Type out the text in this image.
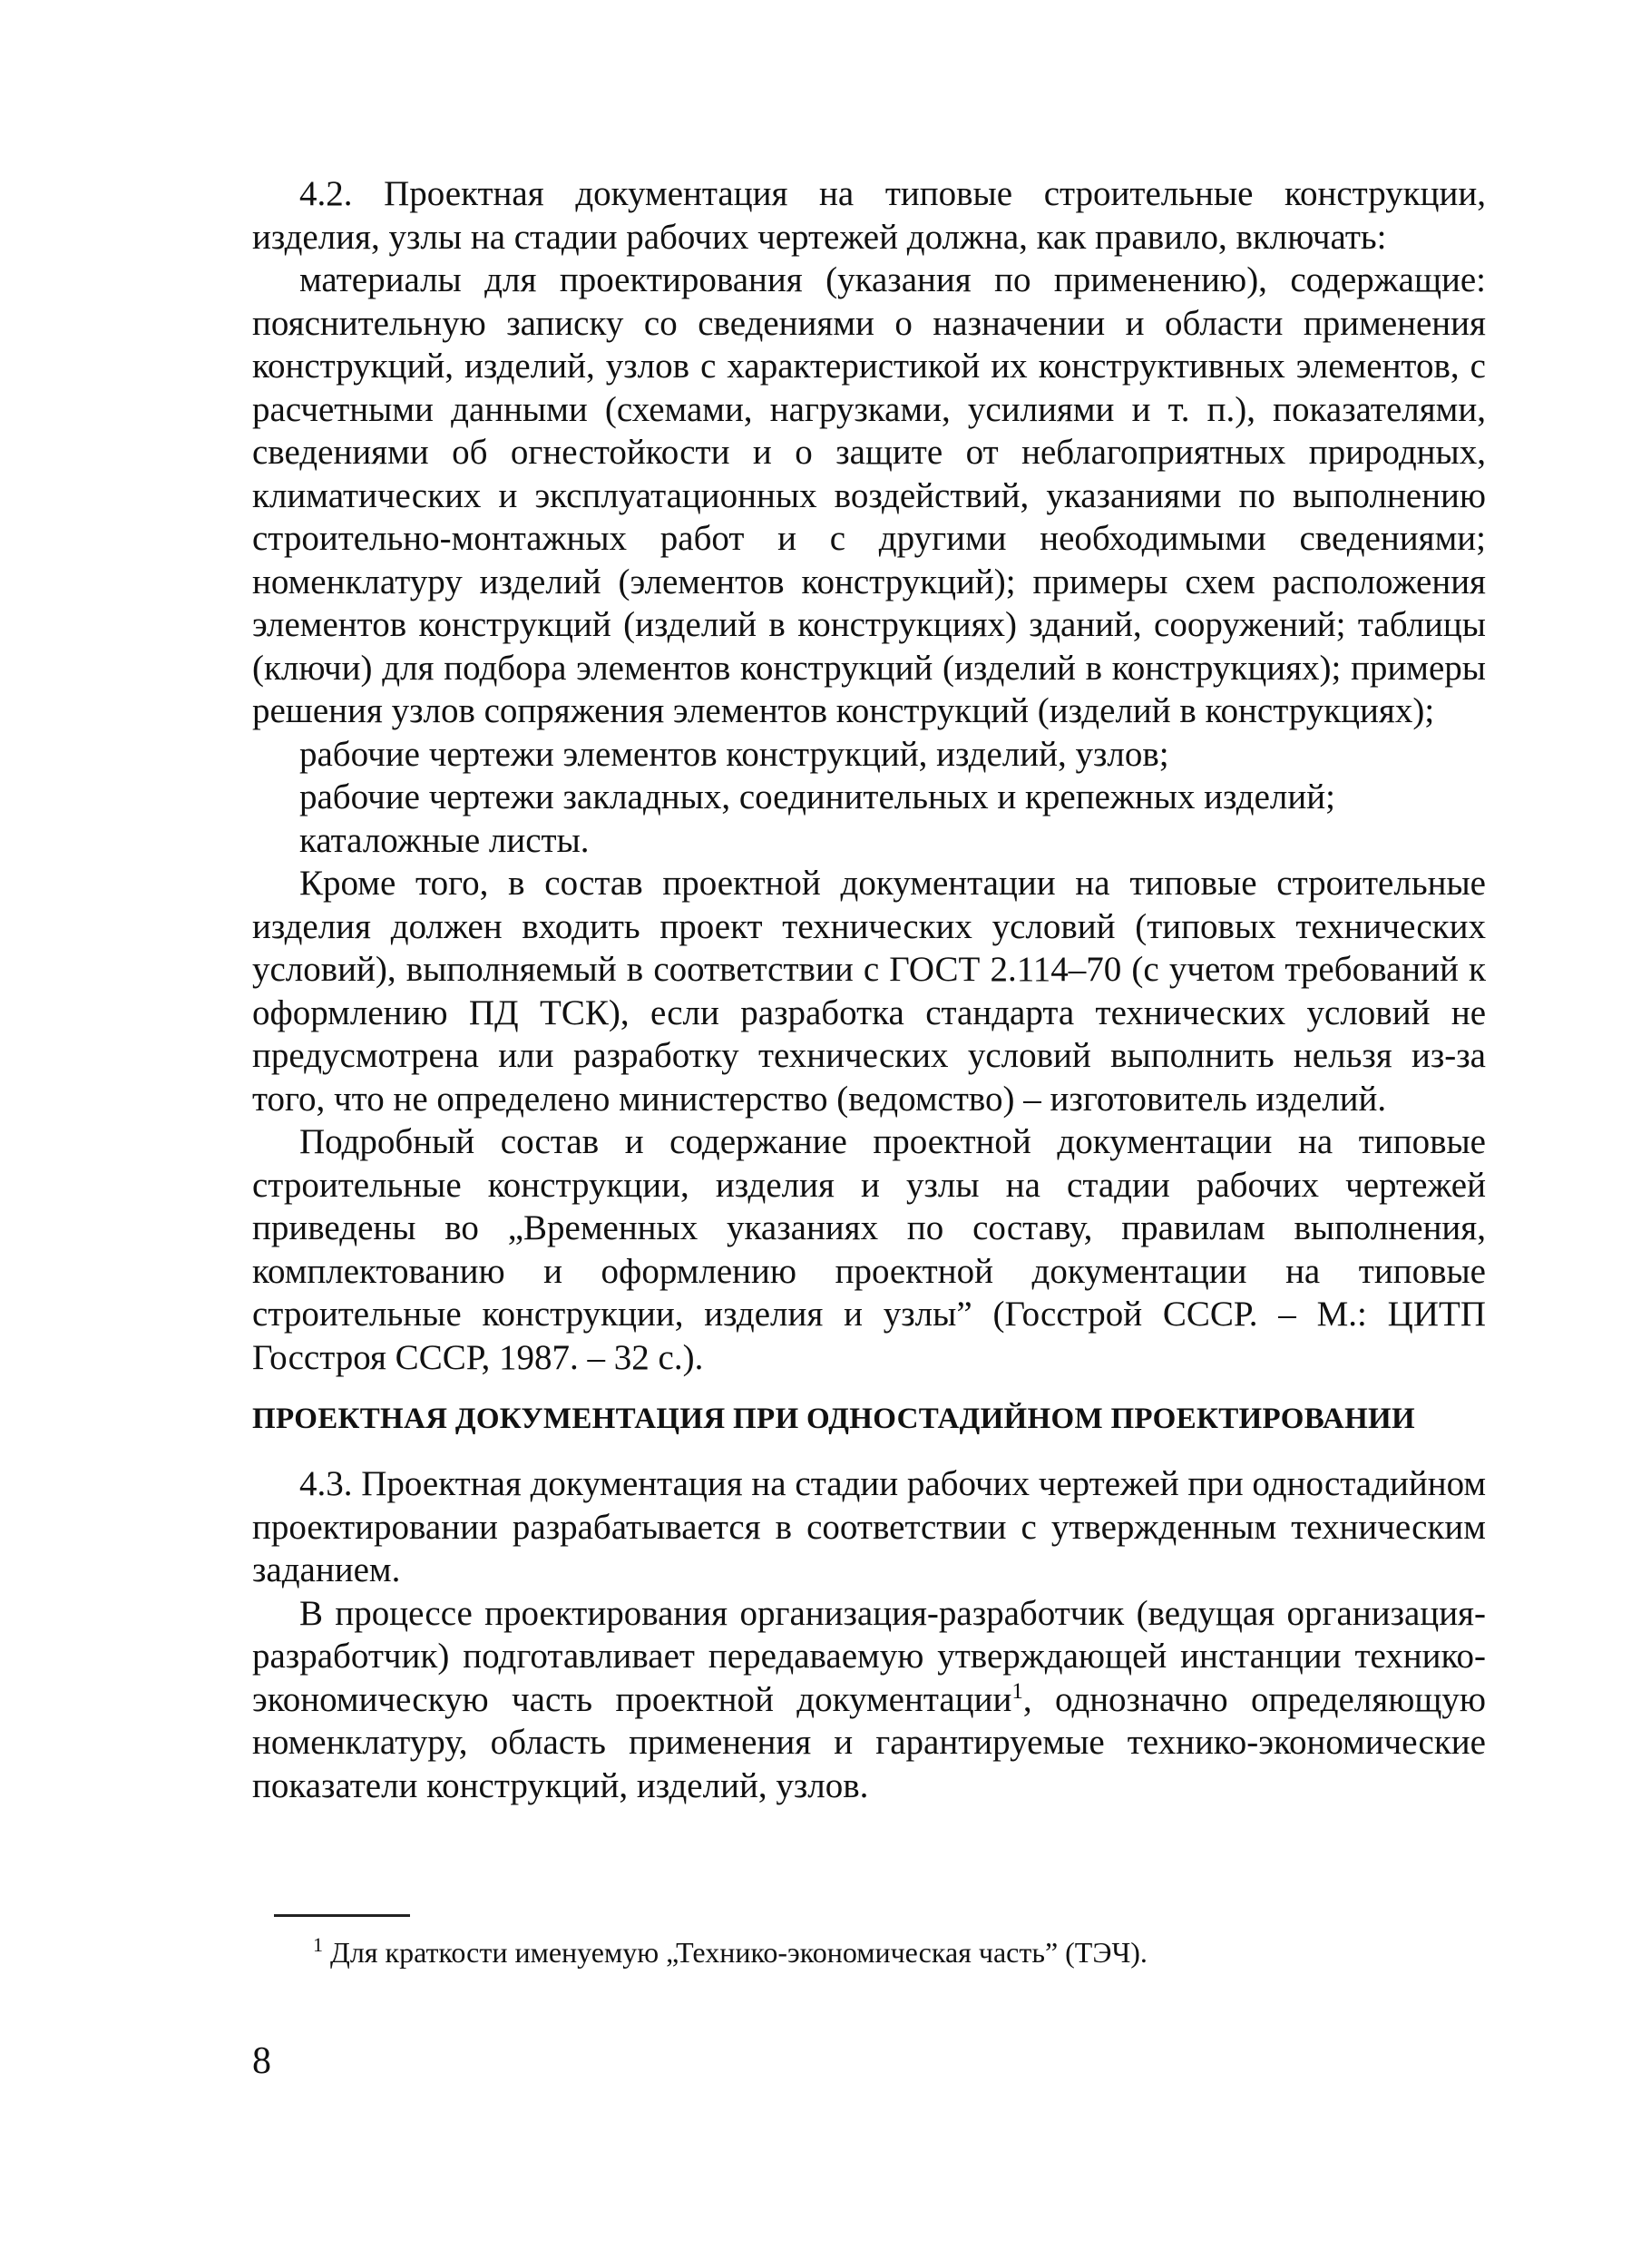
4.2. Проектная документация на типовые строительные конструкции, изделия, узлы на стадии рабочих чертежей должна, как правило, включать:

материалы для проектирования (указания по применению), содержащие: пояснительную записку со сведениями о назначении и области применения конструкций, изделий, узлов с характеристикой их конструктивных элементов, с расчетными данными (схемами, нагрузками, усилиями и т. п.), показателями, сведениями об огнестойкости и о защите от неблагоприятных природных, климатических и эксплуатационных воздействий, указаниями по выполнению строительно-монтажных работ и с другими необходимыми сведениями; номенклатуру изделий (элементов конструкций); примеры схем расположения элементов конструкций (изделий в конструкциях) зданий, сооружений; таблицы (ключи) для подбора элементов конструкций (изделий в конструкциях); примеры решения узлов сопряжения элементов конструкций (изделий в конструкциях);

рабочие чертежи элементов конструкций, изделий, узлов;

рабочие чертежи закладных, соединительных и крепежных изделий;

каталожные листы.

Кроме того, в состав проектной документации на типовые строительные изделия должен входить проект технических условий (типовых технических условий), выполняемый в соответствии с ГОСТ 2.114–70 (с учетом требований к оформлению ПД ТСК), если разработка стандарта технических условий не предусмотрена или разработку технических условий выполнить нельзя из-за того, что не определено министерство (ведомство) – изготовитель изделий.

Подробный состав и содержание проектной документации на типовые строительные конструкции, изделия и узлы на стадии рабочих чертежей приведены во „Временных указаниях по составу, правилам выполнения, комплектованию и оформлению проектной документации на типовые строительные конструкции, изделия и узлы” (Госстрой СССР. – М.: ЦИТП Госстроя СССР, 1987. – 32 с.).

ПРОЕКТНАЯ ДОКУМЕНТАЦИЯ ПРИ ОДНОСТАДИЙНОМ ПРОЕКТИРОВАНИИ

4.3. Проектная документация на стадии рабочих чертежей при одностадийном проектировании разрабатывается в соответствии с утвержденным техническим заданием.

В процессе проектирования организация-разработчик (ведущая организация-разработчик) подготавливает передаваемую утверждающей инстанции технико-экономическую часть проектной документации$^1$, однозначно определяющую номенклатуру, область применения и гарантируемые технико-экономические показатели конструкций, изделий, узлов.

$^1$ Для краткости именуемую „Технико-экономическая часть” (ТЭЧ).
8
